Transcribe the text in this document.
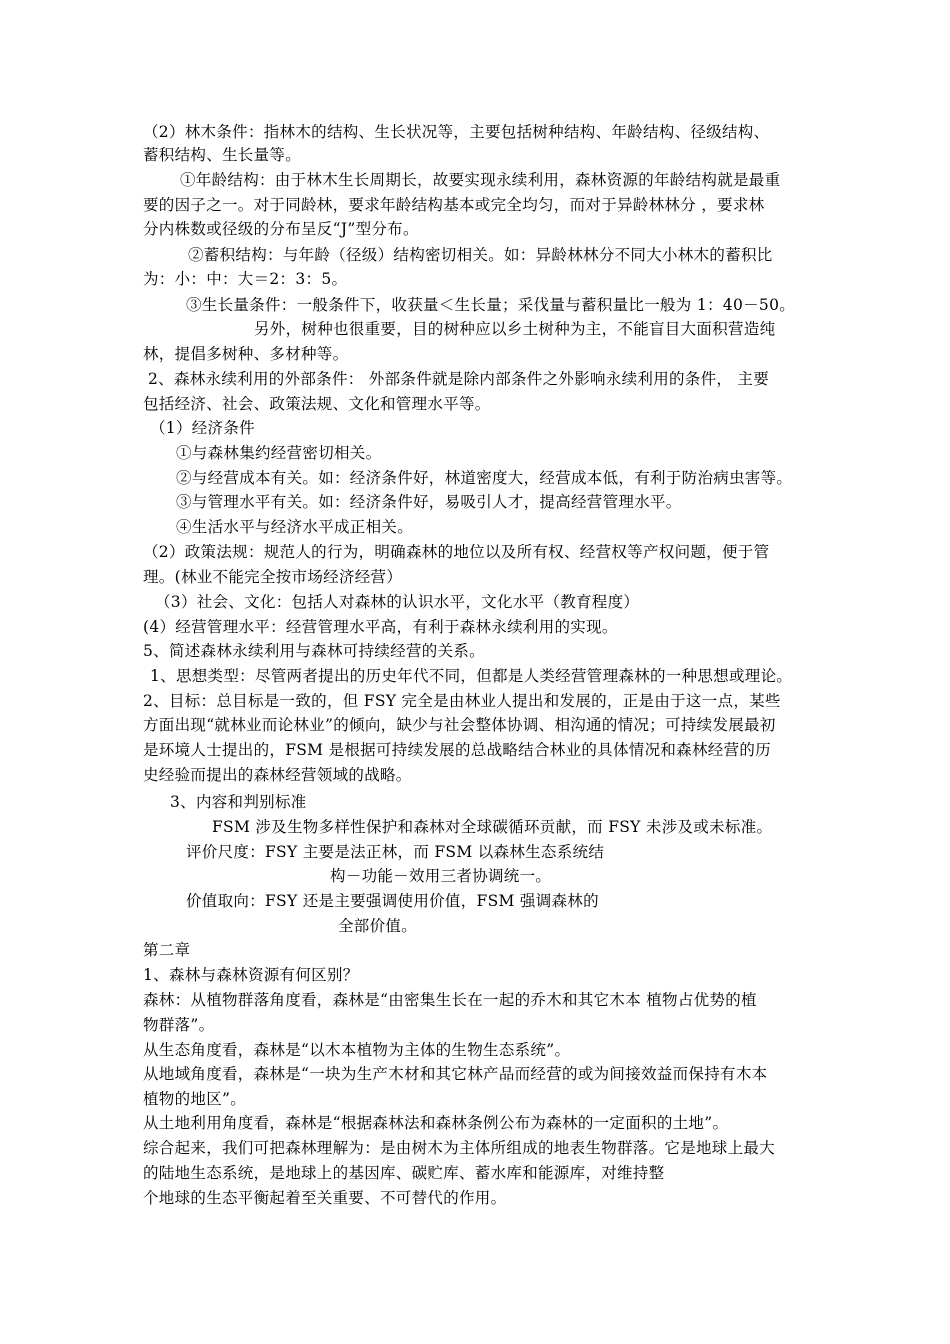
（2）林木条件：指林木的结构、生长状况等，主要包括树种结构、年龄结构、径级结构、
蓄积结构、生长量等。
①年龄结构：由于林木生长周期长，故要实现永续利用，森林资源的年龄结构就是最重
要的因子之一。对于同龄林，要求年龄结构基本或完全均匀，而对于异龄林林分 ，要求林
分内株数或径级的分布呈反“J”型分布。
②蓄积结构：与年龄（径级）结构密切相关。如：异龄林林分不同大小林木的蓄积比
为：小：中：大＝2：3：5。
③生长量条件：一般条件下，收获量＜生长量；采伐量与蓄积量比一般为 1：40－50。
另外，树种也很重要，目的树种应以乡土树种为主，不能盲目大面积营造纯
林，提倡多树种、多材种等。
2、森林永续利用的外部条件： 外部条件就是除内部条件之外影响永续利用的条件， 主要
包括经济、社会、政策法规、文化和管理水平等。
（1）经济条件
①与森林集约经营密切相关。
②与经营成本有关。如：经济条件好，林道密度大，经营成本低，有利于防治病虫害等。
③与管理水平有关。如：经济条件好，易吸引人才，提高经营管理水平。
④生活水平与经济水平成正相关。
（2）政策法规：规范人的行为，明确森林的地位以及所有权、经营权等产权问题，便于管
理。(林业不能完全按市场经济经营）
（3）社会、文化：包括人对森林的认识水平，文化水平（教育程度）
(4）经营管理水平：经营管理水平高，有利于森林永续利用的实现。
5、简述森林永续利用与森林可持续经营的关系。
1、思想类型：尽管两者提出的历史年代不同，但都是人类经营管理森林的一种思想或理论。
2、目标：总目标是一致的，但 FSY 完全是由林业人提出和发展的，正是由于这一点，某些
方面出现“就林业而论林业”的倾向，缺少与社会整体协调、相沟通的情况；可持续发展最初
是环境人士提出的，FSM 是根据可持续发展的总战略结合林业的具体情况和森林经营的历
史经验而提出的森林经营领域的战略。
3、内容和判别标准
FSM 涉及生物多样性保护和森林对全球碳循环贡献，而 FSY 未涉及或未标准。
评价尺度：FSY 主要是法正林，而 FSM 以森林生态系统结
构－功能－效用三者协调统一。
价值取向：FSY 还是主要强调使用价值，FSM 强调森林的
全部价值。
第二章
1、森林与森林资源有何区别？
森林：从植物群落角度看，森林是“由密集生长在一起的乔木和其它木本 植物占优势的植
物群落”。
从生态角度看，森林是“以木本植物为主体的生物生态系统”。
从地域角度看，森林是“一块为生产木材和其它林产品而经营的或为间接效益而保持有木本
植物的地区”。
从土地利用角度看，森林是“根据森林法和森林条例公布为森林的一定面积的土地”。
综合起来，我们可把森林理解为：是由树木为主体所组成的地表生物群落。它是地球上最大
的陆地生态系统，是地球上的基因库、碳贮库、蓄水库和能源库，对维持整
个地球的生态平衡起着至关重要、不可替代的作用。
